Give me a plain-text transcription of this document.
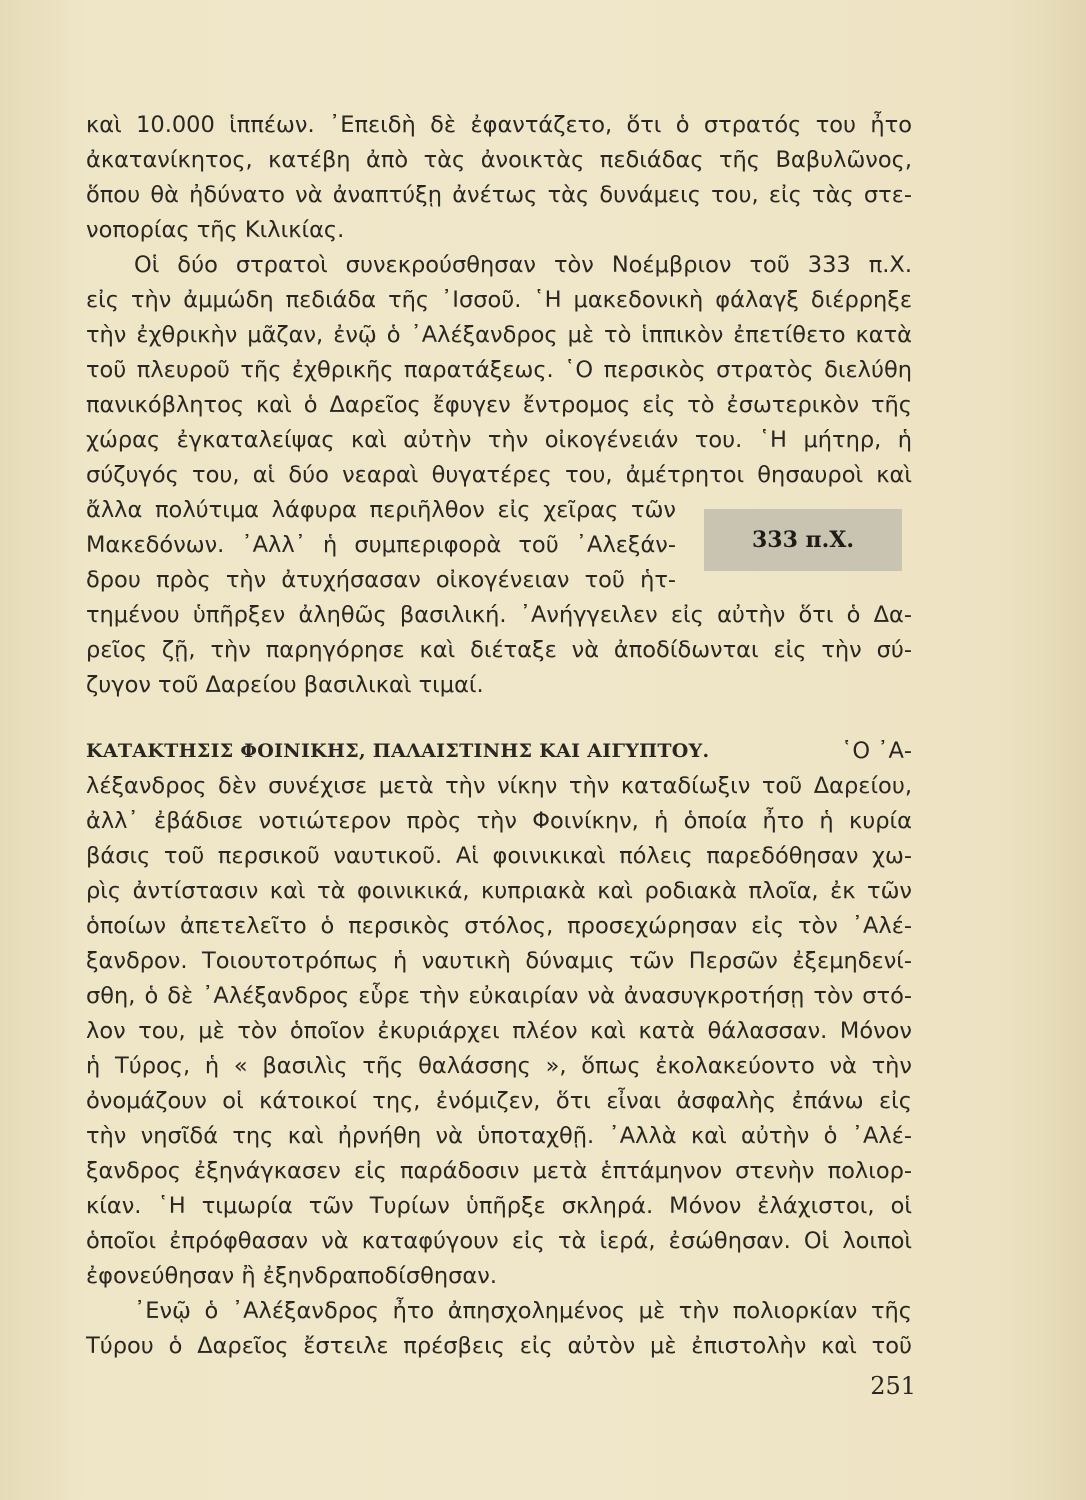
καὶ 10.000 ἱππέων. ᾿Επειδὴ δὲ ἐφαντάζετο, ὅτι ὁ στρατός του ἦτο
ἀκατανίκητος, κατέβη ἀπὸ τὰς ἀνοικτὰς πεδιάδας τῆς Βαβυλῶνος,
ὅπου θὰ ἠδύνατο νὰ ἀναπτύξῃ ἀνέτως τὰς δυνάμεις του, εἰς τὰς στε-
νοπορίας τῆς Κιλικίας.
Οἱ δύο στρατοὶ συνεκρούσθησαν τὸν Νοέμβριον τοῦ 333 π.Χ.
εἰς τὴν ἀμμώδη πεδιάδα τῆς ᾿Ισσοῦ. ῾Η μακεδονικὴ φάλαγξ διέρρηξε
τὴν ἐχθρικὴν μᾶζαν, ἐνῷ ὁ ᾿Αλέξανδρος μὲ τὸ ἱππικὸν ἐπετίθετο κατὰ
τοῦ πλευροῦ τῆς ἐχθρικῆς παρατάξεως. ῾Ο περσικὸς στρατὸς διελύθη
πανικόβλητος καὶ ὁ Δαρεῖος ἔφυγεν ἔντρομος εἰς τὸ ἐσωτερικὸν τῆς
χώρας ἐγκαταλείψας καὶ αὐτὴν τὴν οἰκογένειάν του. ῾Η μήτηρ, ἡ
σύζυγός του, αἱ δύο νεαραὶ θυγατέρες του, ἀμέτρητοι θησαυροὶ καὶ
ἄλλα πολύτιμα λάφυρα περιῆλθον εἰς χεῖρας τῶν
Μακεδόνων. ᾿Αλλ᾿ ἡ συμπεριφορὰ τοῦ ᾿Αλεξάν-
δρου πρὸς τὴν ἀτυχήσασαν οἰκογένειαν τοῦ ἡτ-
τημένου ὑπῆρξεν ἀληθῶς βασιλική. ᾿Ανήγγειλεν εἰς αὐτὴν ὅτι ὁ Δα-
ρεῖος ζῇ, τὴν παρηγόρησε καὶ διέταξε νὰ ἀποδίδωνται εἰς τὴν σύ-
ζυγον τοῦ Δαρείου βασιλικαὶ τιμαί.
333 π.Χ.
ΚΑΤΑΚΤΗΣΙΣ ΦΟΙΝΙΚΗΣ, ΠΑΛΑΙΣΤΙΝΗΣ ΚΑΙ ΑΙΓΥΠΤΟΥ.	῾Ο ᾿Α-
λέξανδρος δὲν συνέχισε μετὰ τὴν νίκην τὴν καταδίωξιν τοῦ Δαρείου,
ἀλλ᾿ ἐβάδισε νοτιώτερον πρὸς τὴν Φοινίκην, ἡ ὁποία ἦτο ἡ κυρία
βάσις τοῦ περσικοῦ ναυτικοῦ. Αἱ φοινικικαὶ πόλεις παρεδόθησαν χω-
ρὶς ἀντίστασιν καὶ τὰ φοινικικά, κυπριακὰ καὶ ροδιακὰ πλοῖα, ἐκ τῶν
ὁποίων ἀπετελεῖτο ὁ περσικὸς στόλος, προσεχώρησαν εἰς τὸν ᾿Αλέ-
ξανδρον. Τοιουτοτρόπως ἡ ναυτικὴ δύναμις τῶν Περσῶν ἐξεμηδενί-
σθη, ὁ δὲ ᾿Αλέξανδρος εὗρε τὴν εὐκαιρίαν νὰ ἀνασυγκροτήσῃ τὸν στό-
λον του, μὲ τὸν ὁποῖον ἐκυριάρχει πλέον καὶ κατὰ θάλασσαν. Μόνον
ἡ Τύρος, ἡ « βασιλὶς τῆς θαλάσσης », ὅπως ἐκολακεύοντο νὰ τὴν
ὀνομάζουν οἱ κάτοικοί της, ἐνόμιζεν, ὅτι εἶναι ἀσφαλὴς ἐπάνω εἰς
τὴν νησῖδά της καὶ ἠρνήθη νὰ ὑποταχθῇ. ᾿Αλλὰ καὶ αὐτὴν ὁ ᾿Αλέ-
ξανδρος ἐξηνάγκασεν εἰς παράδοσιν μετὰ ἑπτάμηνον στενὴν πολιορ-
κίαν. ῾Η τιμωρία τῶν Τυρίων ὑπῆρξε σκληρά. Μόνον ἐλάχιστοι, οἱ
ὁποῖοι ἐπρόφθασαν νὰ καταφύγουν εἰς τὰ ἱερά, ἐσώθησαν. Οἱ λοιποὶ
ἐφονεύθησαν ἢ ἐξηνδραποδίσθησαν.
᾿Ενῷ ὁ ᾿Αλέξανδρος ἦτο ἀπησχολημένος μὲ τὴν πολιορκίαν τῆς
Τύρου ὁ Δαρεῖος ἔστειλε πρέσβεις εἰς αὐτὸν μὲ ἐπιστολὴν καὶ τοῦ
251
